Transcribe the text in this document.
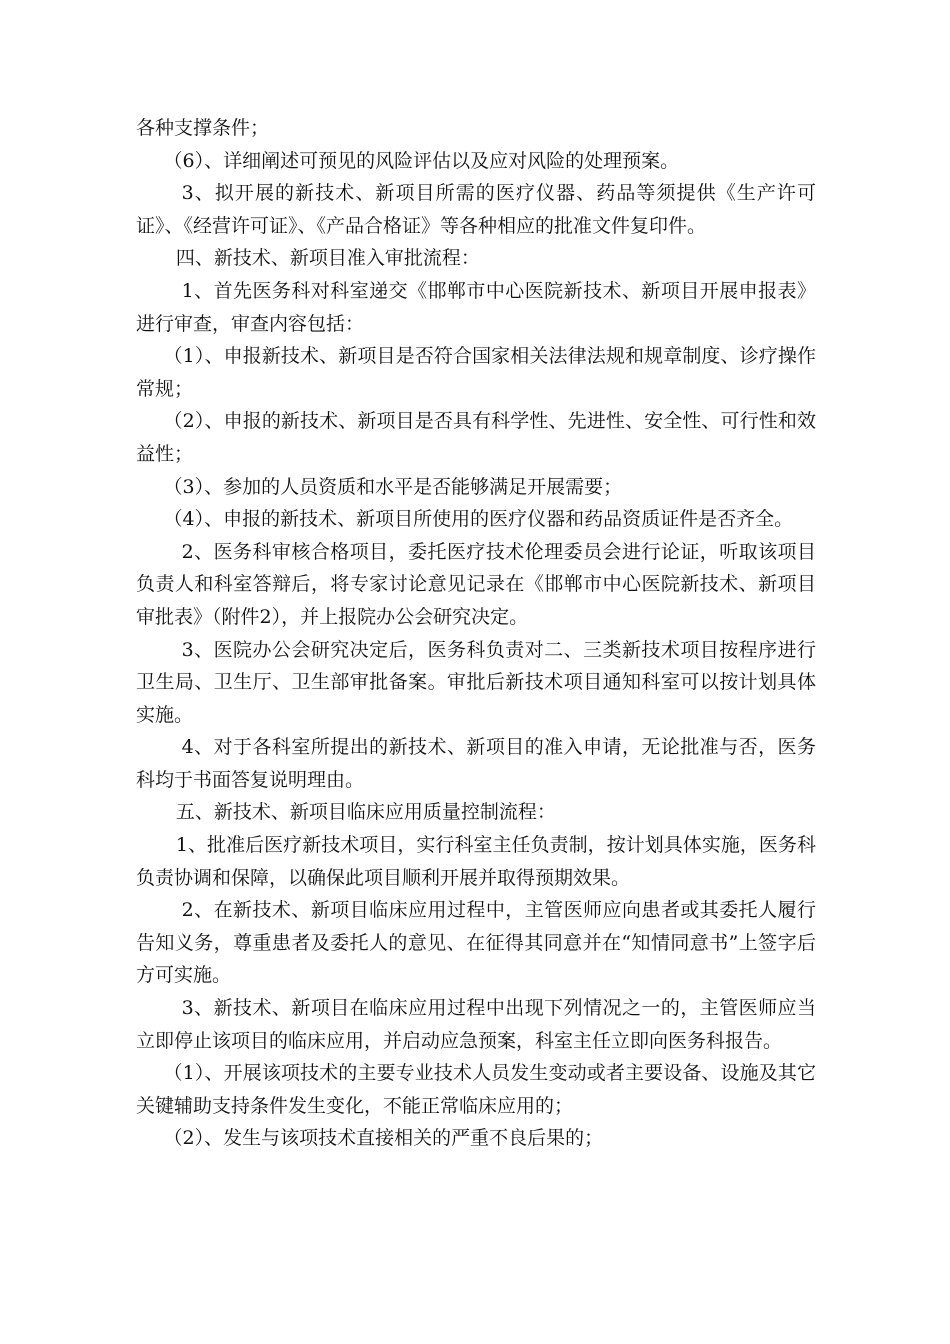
各种支撑条件；

（6）、详细阐述可预见的风险评估以及应对风险的处理预案。

3、拟开展的新技术、新项目所需的医疗仪器、药品等须提供《生产许可证》、《经营许可证》、《产品合格证》等各种相应的批准文件复印件。

四、新技术、新项目准入审批流程：

1、首先医务科对科室递交《邯郸市中心医院新技术、新项目开展申报表》进行审查，审查内容包括：

（1）、申报新技术、新项目是否符合国家相关法律法规和规章制度、诊疗操作常规；

（2）、申报的新技术、新项目是否具有科学性、先进性、安全性、可行性和效益性；

（3）、参加的人员资质和水平是否能够满足开展需要；

（4）、申报的新技术、新项目所使用的医疗仪器和药品资质证件是否齐全。

2、医务科审核合格项目，委托医疗技术伦理委员会进行论证，听取该项目负责人和科室答辩后，将专家讨论意见记录在《邯郸市中心医院新技术、新项目审批表》（附件2），并上报院办公会研究决定。

3、医院办公会研究决定后，医务科负责对二、三类新技术项目按程序进行卫生局、卫生厅、卫生部审批备案。审批后新技术项目通知科室可以按计划具体实施。

4、对于各科室所提出的新技术、新项目的准入申请，无论批准与否，医务科均于书面答复说明理由。

五、新技术、新项目临床应用质量控制流程：

1、批准后医疗新技术项目，实行科室主任负责制，按计划具体实施，医务科负责协调和保障，以确保此项目顺利开展并取得预期效果。

2、在新技术、新项目临床应用过程中，主管医师应向患者或其委托人履行告知义务，尊重患者及委托人的意见、在征得其同意并在“知情同意书”上签字后方可实施。

3、新技术、新项目在临床应用过程中出现下列情况之一的，主管医师应当立即停止该项目的临床应用，并启动应急预案，科室主任立即向医务科报告。

（1）、开展该项技术的主要专业技术人员发生变动或者主要设备、设施及其它关键辅助支持条件发生变化，不能正常临床应用的；

（2）、发生与该项技术直接相关的严重不良后果的；
